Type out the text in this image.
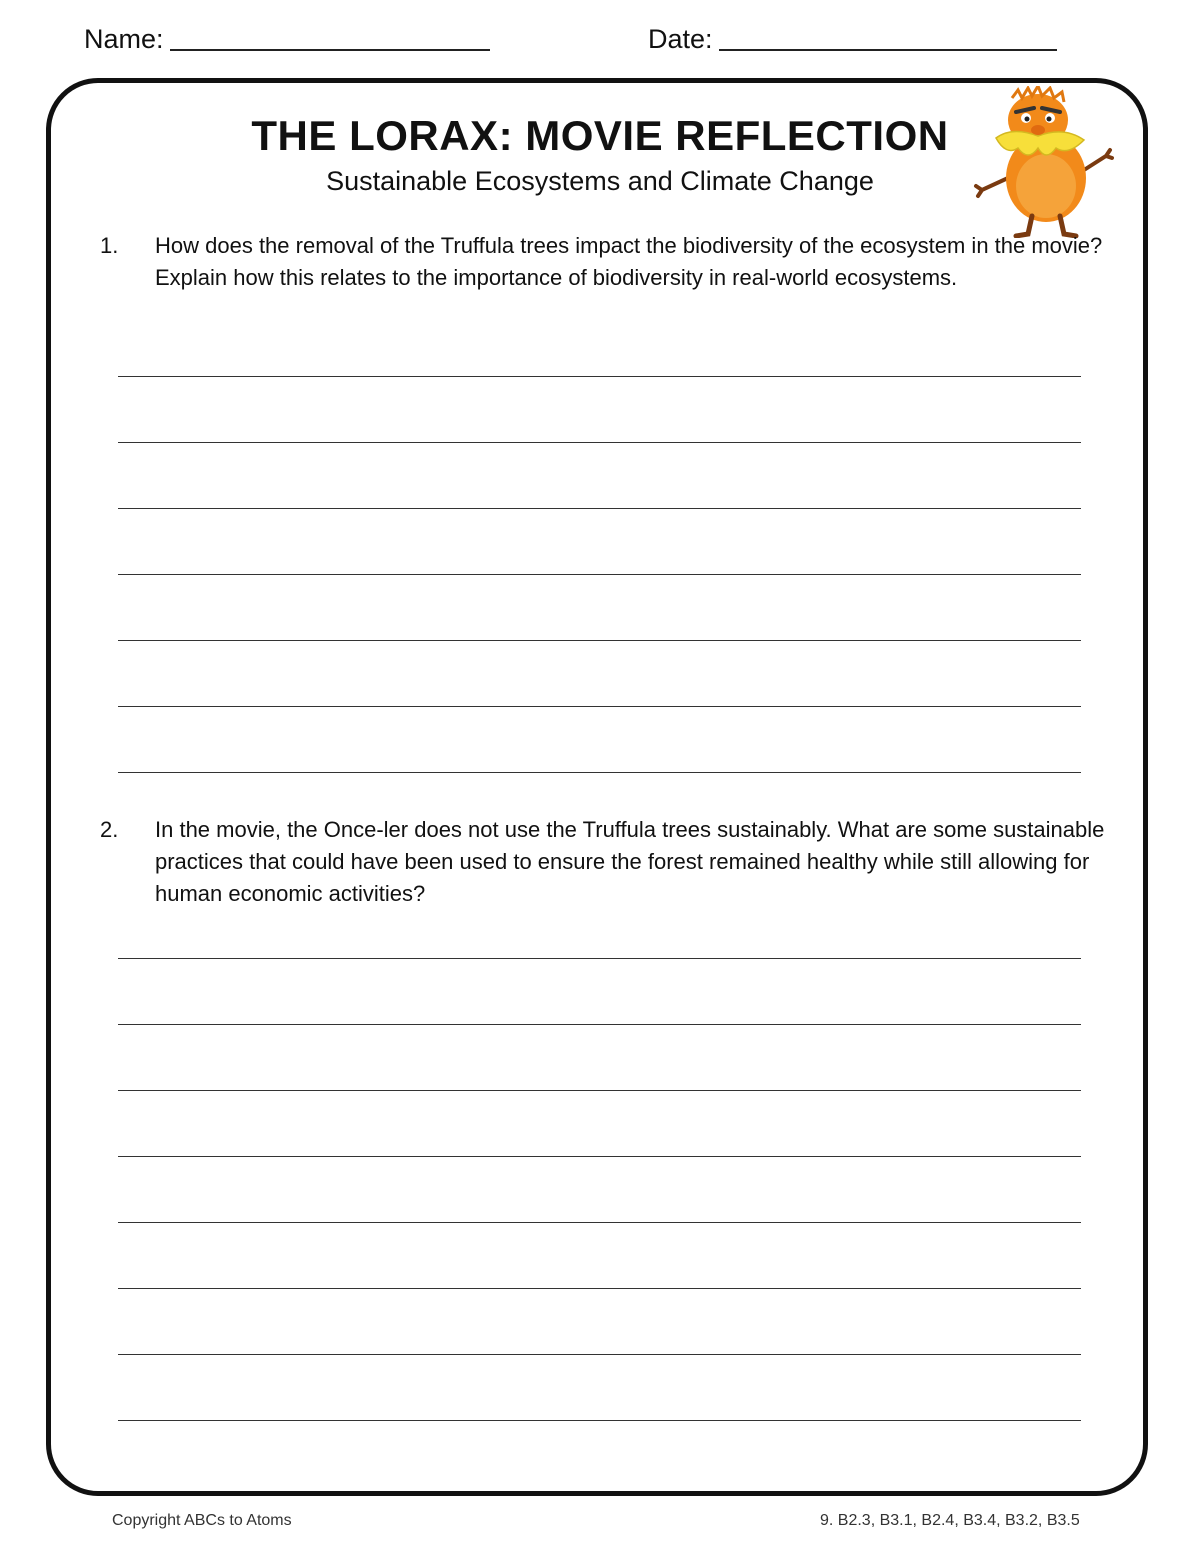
Name:	Date:
THE LORAX: MOVIE REFLECTION
Sustainable Ecosystems and Climate Change
1.	How does the removal of the Truffula trees impact the biodiversity of the ecosystem in the movie? Explain how this relates to the importance of biodiversity in real-world ecosystems.
2.	In the movie, the Once-ler does not use the Truffula trees sustainably. What are some sustainable practices that could have been used to ensure the forest remained healthy while still allowing for human economic activities?
Copyright ABCs to Atoms	9. B2.3, B3.1, B2.4, B3.4, B3.2, B3.5
